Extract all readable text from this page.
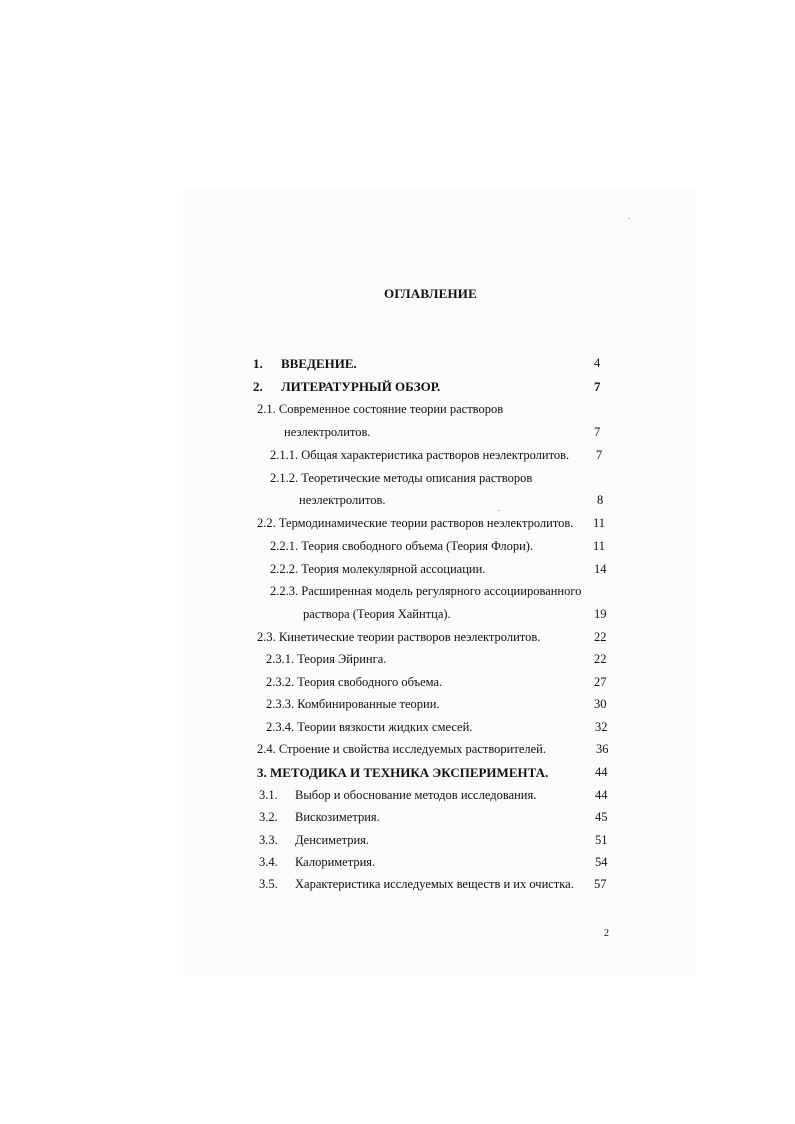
ОГЛАВЛЕНИЕ
1. ВВЕДЕНИЕ.	4
2. ЛИТЕРАТУРНЫЙ ОБЗОР.	7
2.1. Современное состояние теории растворов
неэлектролитов.	7
2.1.1. Общая характеристика растворов неэлектролитов. 7
2.1.2. Теоретические методы описания растворов
неэлектролитов.	8
2.2. Термодинамические теории растворов неэлектролитов. 11
2.2.1. Теория свободного объема (Теория Флори).	11
2.2.2. Теория молекулярной ассоциации.	14
2.2.3. Расширенная модель регулярного ассоциированного
раствора (Теория Хайнтца).	19
2.3. Кинетические теории растворов неэлектролитов.	22
2.3.1. Теория Эйринга.	22
2.3.2. Теория свободного объема.	27
2.3.3. Комбинированные теории.	30
2.3.4. Теории вязкости жидких смесей.	32
2.4. Строение и свойства исследуемых растворителей.	36
3. МЕТОДИКА И ТЕХНИКА ЭКСПЕРИМЕНТА.	44
3.1. Выбор и обоснование методов исследования.	44
3.2. Вискозиметрия.	45
3.3. Денсиметрия.	51
3.4. Калориметрия.	54
3.5. Характеристика исследуемых веществ и их очистка. 57
2
